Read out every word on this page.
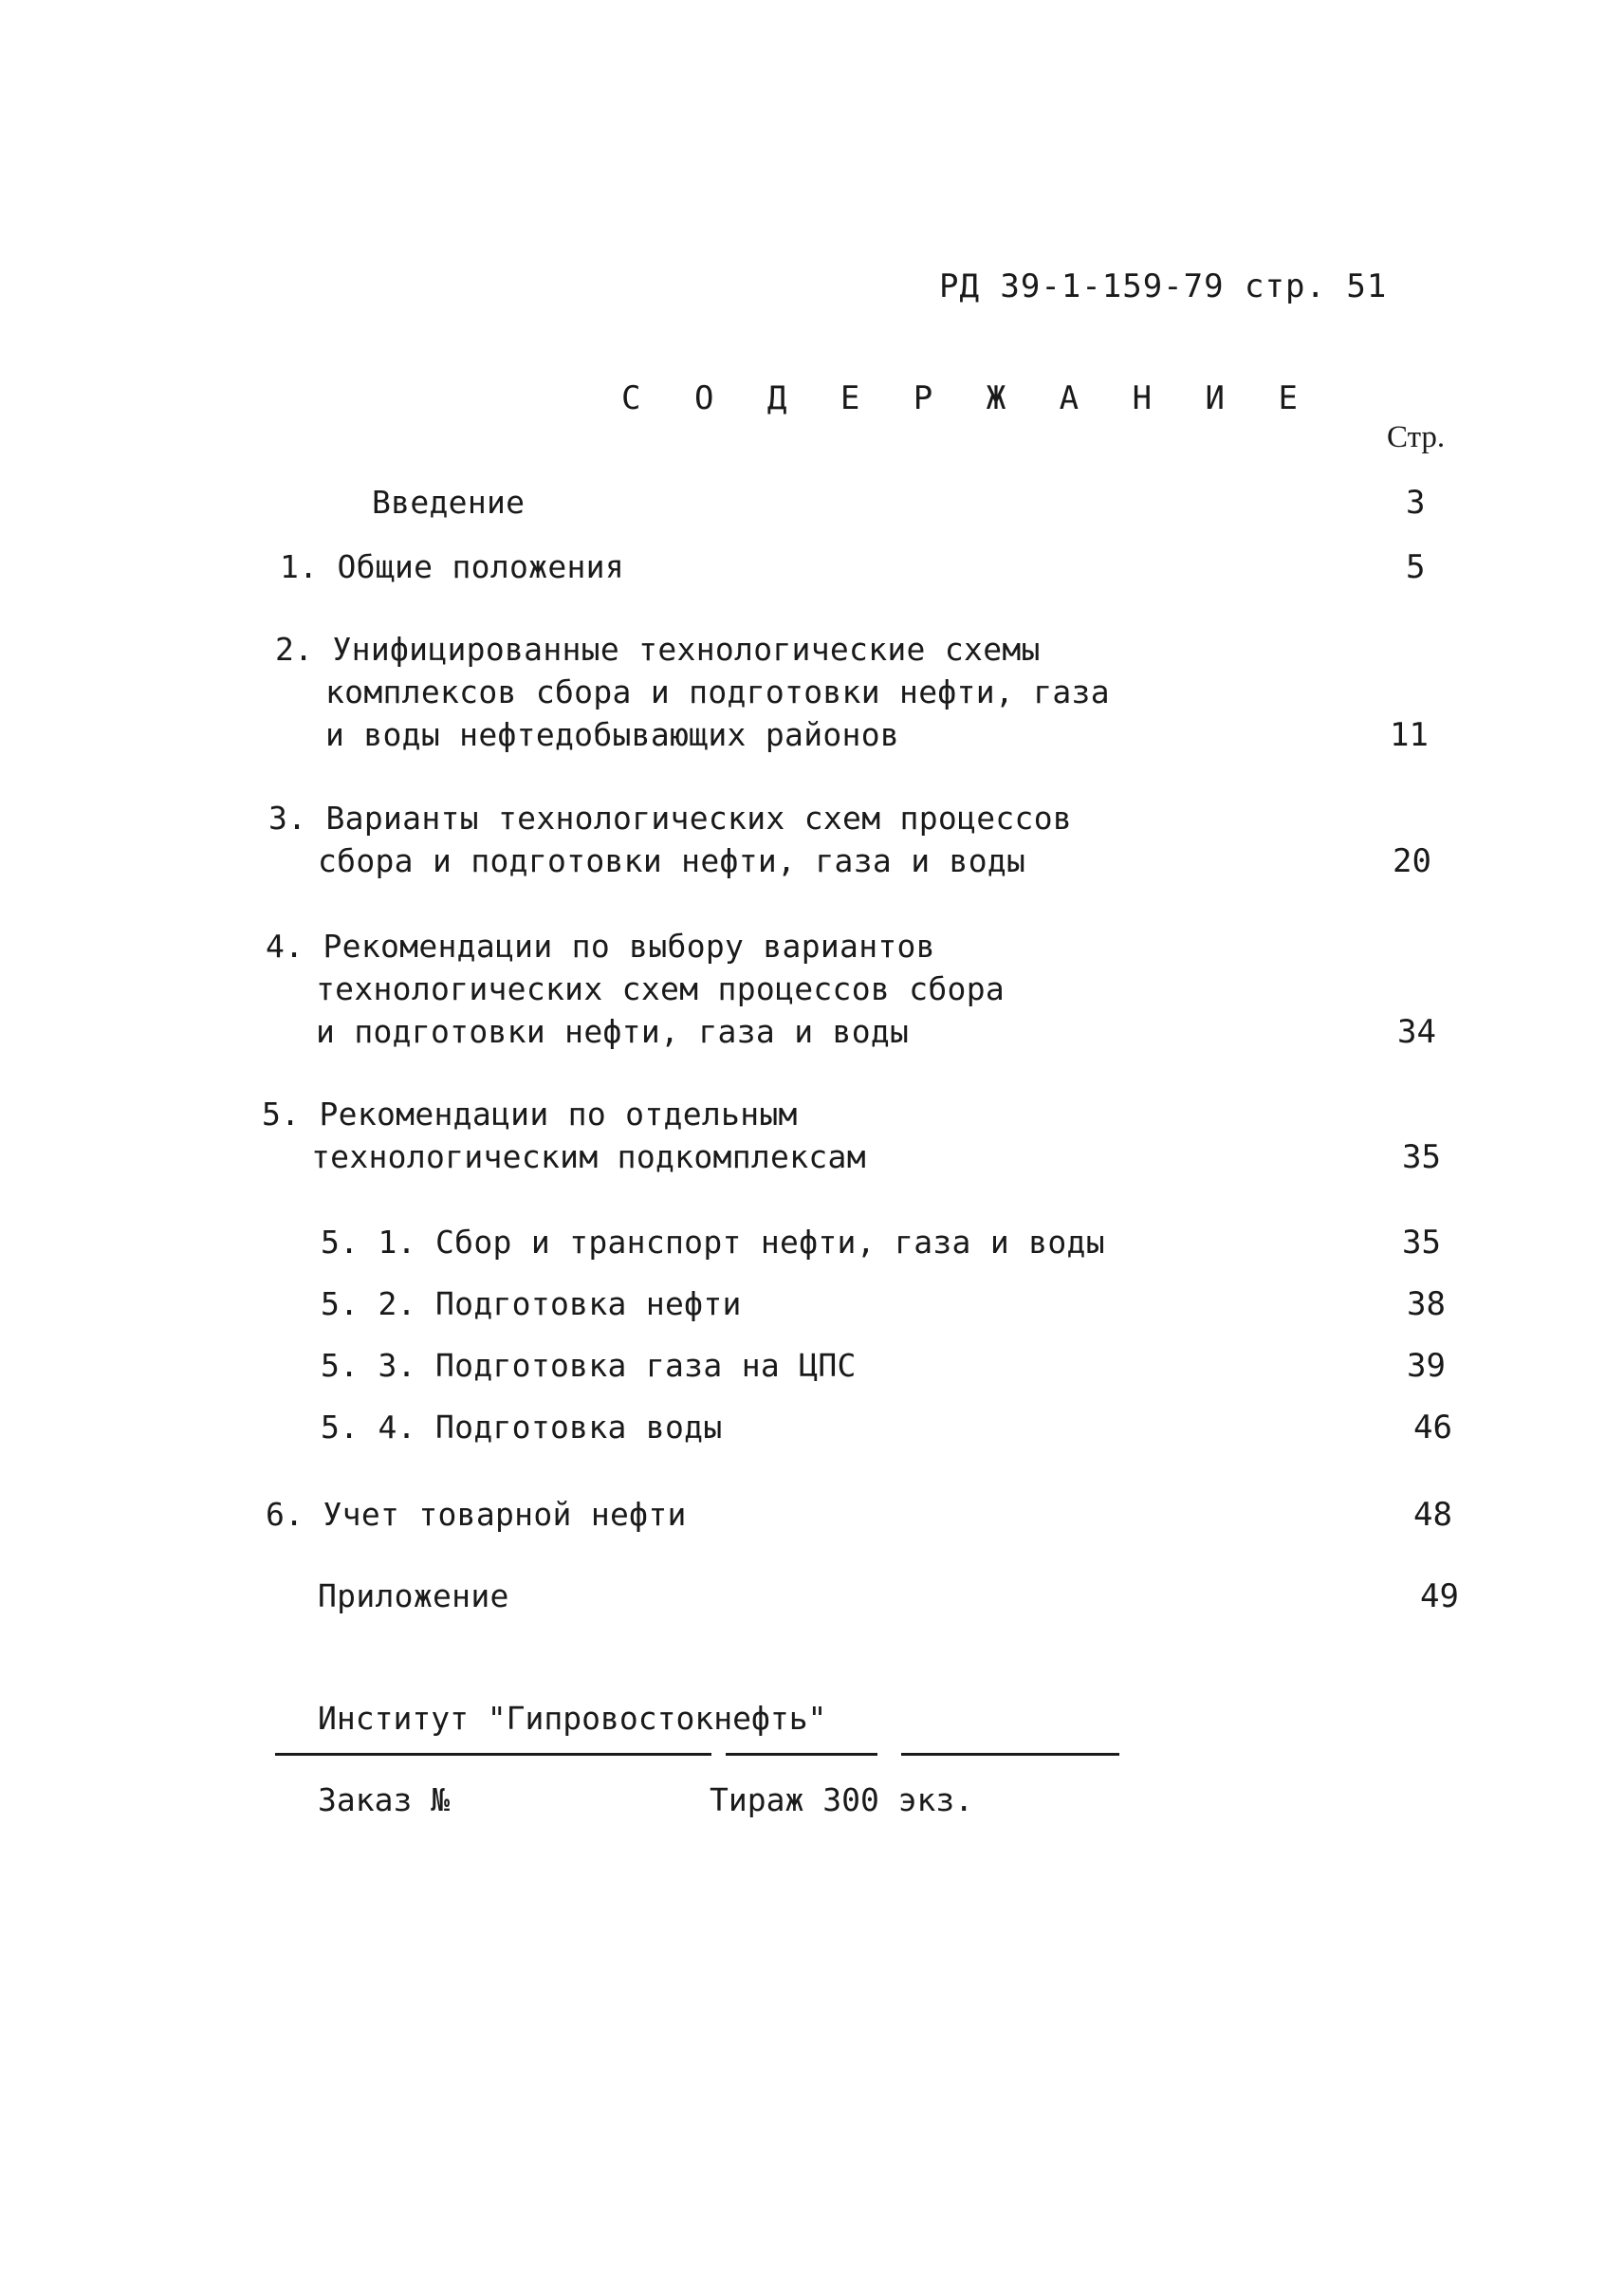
РД 39-1-159-79 стр. 51
С О Д Е Р Ж А Н И Е
Стр.
Введение	3
1. Общие положения	5
2. Унифицированные технологические схемы
комплексов сбора и подготовки нефти, газа
и воды нефтедобывающих районов	11
3. Варианты технологических схем процессов
сбора и подготовки нефти, газа и воды	20
4. Рекомендации по выбору вариантов
технологических схем процессов сбора
и подготовки нефти, газа и воды	34
5. Рекомендации по отдельным
технологическим подкомплексам	35
5. 1. Сбор и транспорт нефти, газа и воды	35
5. 2. Подготовка нефти	38
5. 3. Подготовка газа на ЦПС	39
5. 4. Подготовка воды	46
6. Учет товарной нефти	48
Приложение	49
Институт "Гипровостокнефть"
Заказ №	Тираж 300 экз.
